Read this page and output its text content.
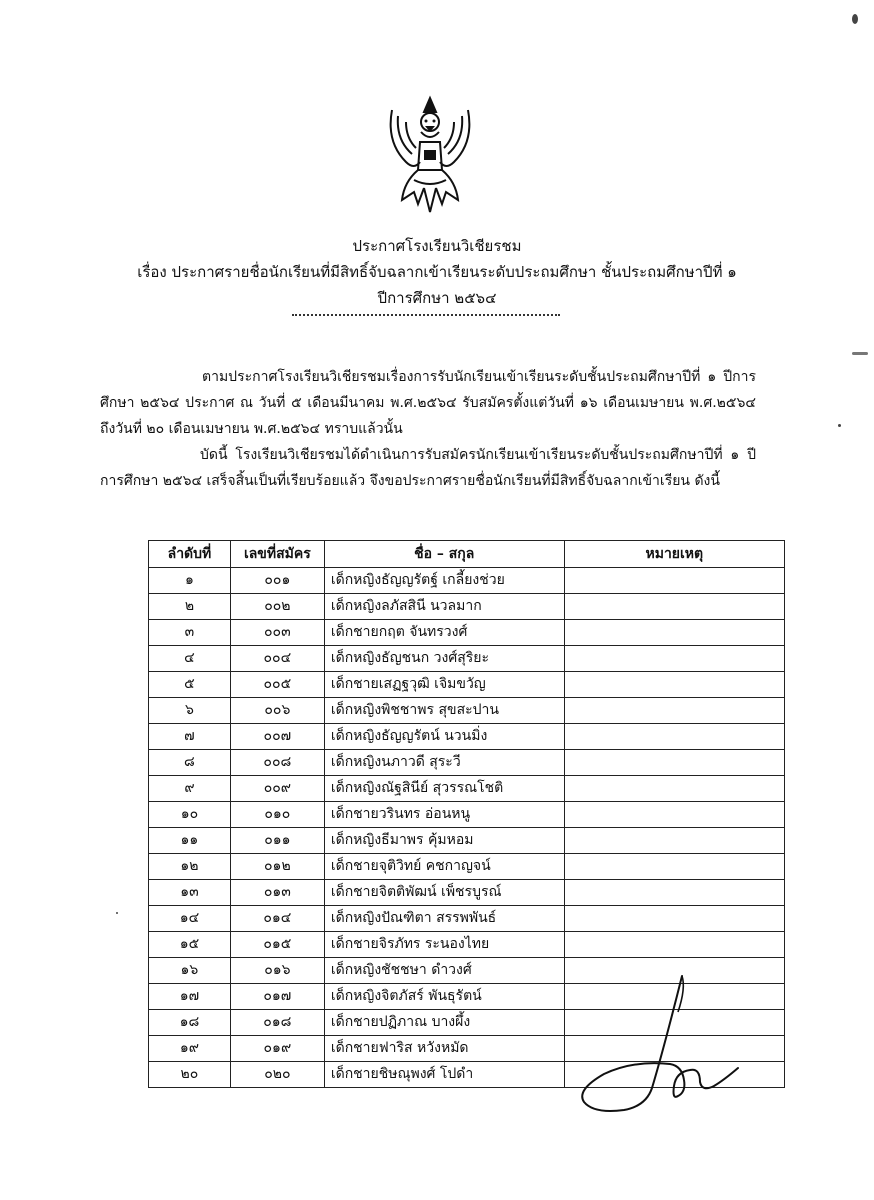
ประกาศโรงเรียนวิเชียรชม
เรื่อง ประกาศรายชื่อนักเรียนที่มีสิทธิ์จับฉลากเข้าเรียนระดับประถมศึกษา ชั้นประถมศึกษาปีที่ ๑
ปีการศึกษา ๒๕๖๔
ตามประกาศโรงเรียนวิเชียรชมเรื่องการรับนักเรียนเข้าเรียนระดับชั้นประถมศึกษาปีที่ ๑ ปีการศึกษา ๒๕๖๔ ประกาศ ณ วันที่ ๕ เดือนมีนาคม พ.ศ.๒๕๖๔ รับสมัครตั้งแต่วันที่ ๑๖ เดือนเมษายน พ.ศ.๒๕๖๔ ถึงวันที่ ๒๐ เดือนเมษายน พ.ศ.๒๕๖๔ ทราบแล้วนั้น
บัดนี้ โรงเรียนวิเชียรชมได้ดำเนินการรับสมัครนักเรียนเข้าเรียนระดับชั้นประถมศึกษาปีที่ ๑ ปีการศึกษา ๒๕๖๔ เสร็จสิ้นเป็นที่เรียบร้อยแล้ว จึงขอประกาศรายชื่อนักเรียนที่มีสิทธิ์จับฉลากเข้าเรียน ดังนี้
ลำดับที่	เลขที่สมัคร	ชื่อ – สกุล	หมายเหตุ
๑	๐๐๑	เด็กหญิงธัญญรัตฐ์ เกลี้ยงช่วย	
๒	๐๐๒	เด็กหญิงลภัสสินี นวลมาก	
๓	๐๐๓	เด็กชายกฤต จันทรวงศ์	
๔	๐๐๔	เด็กหญิงธัญชนก วงศ์สุริยะ	
๕	๐๐๕	เด็กชายเสฏฐวุฒิ เจิมขวัญ	
๖	๐๐๖	เด็กหญิงพิชชาพร สุขสะปาน	
๗	๐๐๗	เด็กหญิงธัญญรัตน์ นวนมิ่ง	
๘	๐๐๘	เด็กหญิงนภาวดี สุระวี	
๙	๐๐๙	เด็กหญิงณัฐสินีย์ สุวรรณโชติ	
๑๐	๐๑๐	เด็กชายวรินทร อ่อนหนู	
๑๑	๐๑๑	เด็กหญิงธีมาพร คุ้มหอม	
๑๒	๐๑๒	เด็กชายจุติวิทย์ คชกาญจน์	
๑๓	๐๑๓	เด็กชายจิตติพัฒน์ เพ็ชรบูรณ์	
๑๔	๐๑๔	เด็กหญิงปัณฑิตา สรรพพันธ์	
๑๕	๐๑๕	เด็กชายจิรภัทร ระนองไทย	
๑๖	๐๑๖	เด็กหญิงชัชชษา ดำวงศ์	
๑๗	๐๑๗	เด็กหญิงจิตภัสร์ พันธุรัตน์	
๑๘	๐๑๘	เด็กชายปฏิภาณ บางผึ้ง	
๑๙	๐๑๙	เด็กชายฟาริส หวังหมัด	
๒๐	๐๒๐	เด็กชายชิษณุพงศ์ โปดำ	
